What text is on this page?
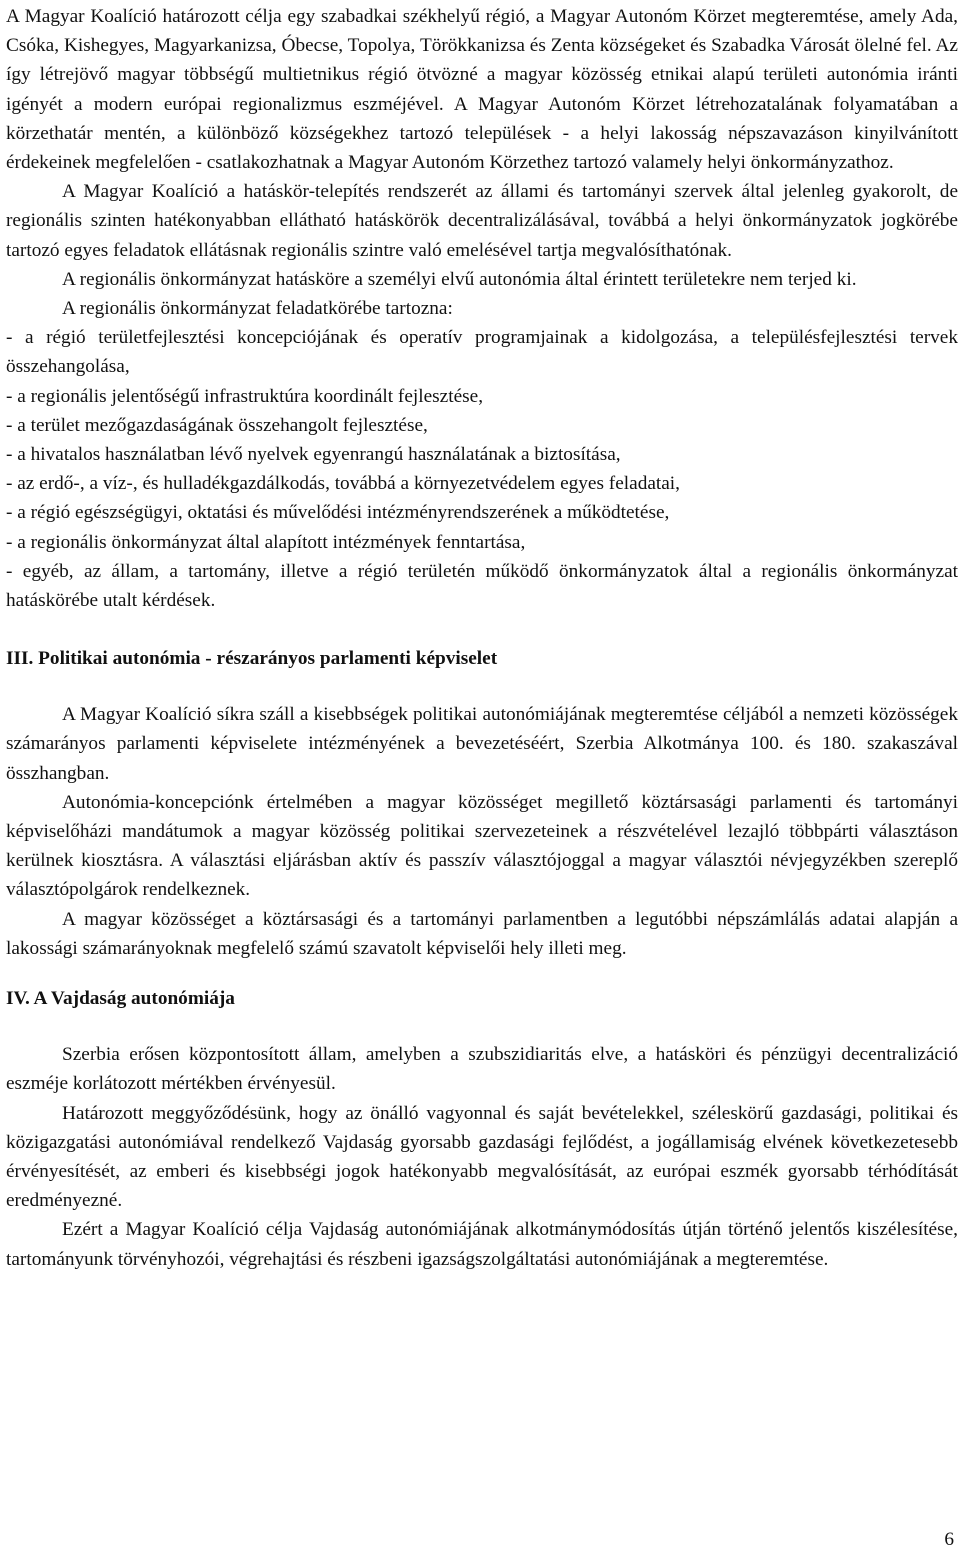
A Magyar Koalíció határozott célja egy szabadkai székhelyű régió, a Magyar Autonóm Körzet megteremtése, amely Ada, Csóka, Kishegyes, Magyarkanizsa, Óbecse, Topolya, Törökkanizsa és Zenta községeket és Szabadka Városát ölelné fel. Az így létrejövő magyar többségű multietnikus régió ötvözné a magyar közösség etnikai alapú területi autonómia iránti igényét a modern európai regionalizmus eszméjével. A Magyar Autonóm Körzet létrehozatalának folyamatában a körzethatár mentén, a különböző községekhez tartozó települések - a helyi lakosság népszavazáson kinyilvánított érdekeinek megfelelően - csatlakozhatnak a Magyar Autonóm Körzethez tartozó valamely helyi önkormányzathoz.

A Magyar Koalíció a hatáskör-telepítés rendszerét az állami és tartományi szervek által jelenleg gyakorolt, de regionális szinten hatékonyabban ellátható hatáskörök decentralizálásával, továbbá a helyi önkormányzatok jogkörébe tartozó egyes feladatok ellátásnak regionális szintre való emelésével tartja megvalósíthatónak.

A regionális önkormányzat hatásköre a személyi elvű autonómia által érintett területekre nem terjed ki.

A regionális önkormányzat feladatkörébe tartozna:

- a régió területfejlesztési koncepciójának és operatív programjainak a kidolgozása, a településfejlesztési tervek összehangolása,

- a regionális jelentőségű infrastruktúra koordinált fejlesztése,

- a terület mezőgazdaságának összehangolt fejlesztése,

- a hivatalos használatban lévő nyelvek egyenrangú használatának a biztosítása,

- az erdő-, a víz-, és hulladékgazdálkodás, továbbá a környezetvédelem egyes feladatai,

- a régió egészségügyi, oktatási és művelődési intézményrendszerének a működtetése,

- a regionális önkormányzat által alapított intézmények fenntartása,

- egyéb, az állam, a tartomány, illetve a régió területén működő önkormányzatok által a regionális önkormányzat hatáskörébe utalt kérdések.

III. Politikai autonómia - részarányos parlamenti képviselet

A Magyar Koalíció síkra száll a kisebbségek politikai autonómiájának megteremtése céljából a nemzeti közösségek számarányos parlamenti képviselete intézményének a bevezetéséért, Szerbia Alkotmánya 100. és 180. szakaszával összhangban.

Autonómia-koncepciónk értelmében a magyar közösséget megillető köztársasági parlamenti és tartományi képviselőházi mandátumok a magyar közösség politikai szervezeteinek a részvételével lezajló többpárti választáson kerülnek kiosztásra. A választási eljárásban aktív és passzív választójoggal a magyar választói névjegyzékben szereplő választópolgárok rendelkeznek.

A magyar közösséget a köztársasági és a tartományi parlamentben a legutóbbi népszámlálás adatai alapján a lakossági számarányoknak megfelelő számú szavatolt képviselői hely illeti meg.

IV. A Vajdaság autonómiája

Szerbia erősen központosított állam, amelyben a szubszidiaritás elve, a hatásköri és pénzügyi decentralizáció eszméje korlátozott mértékben érvényesül.

Határozott meggyőződésünk, hogy az önálló vagyonnal és saját bevételekkel, széleskörű gazdasági, politikai és közigazgatási autonómiával rendelkező Vajdaság gyorsabb gazdasági fejlődést, a jogállamiság elvének következetesebb érvényesítését, az emberi és kisebbségi jogok hatékonyabb megvalósítását, az európai eszmék gyorsabb térhódítását eredményezné.

Ezért a Magyar Koalíció célja Vajdaság autonómiájának alkotmánymódosítás útján történő jelentős kiszélesítése, tartományunk törvényhozói, végrehajtási és részbeni igazságszolgáltatási autonómiájának a megteremtése.

6
